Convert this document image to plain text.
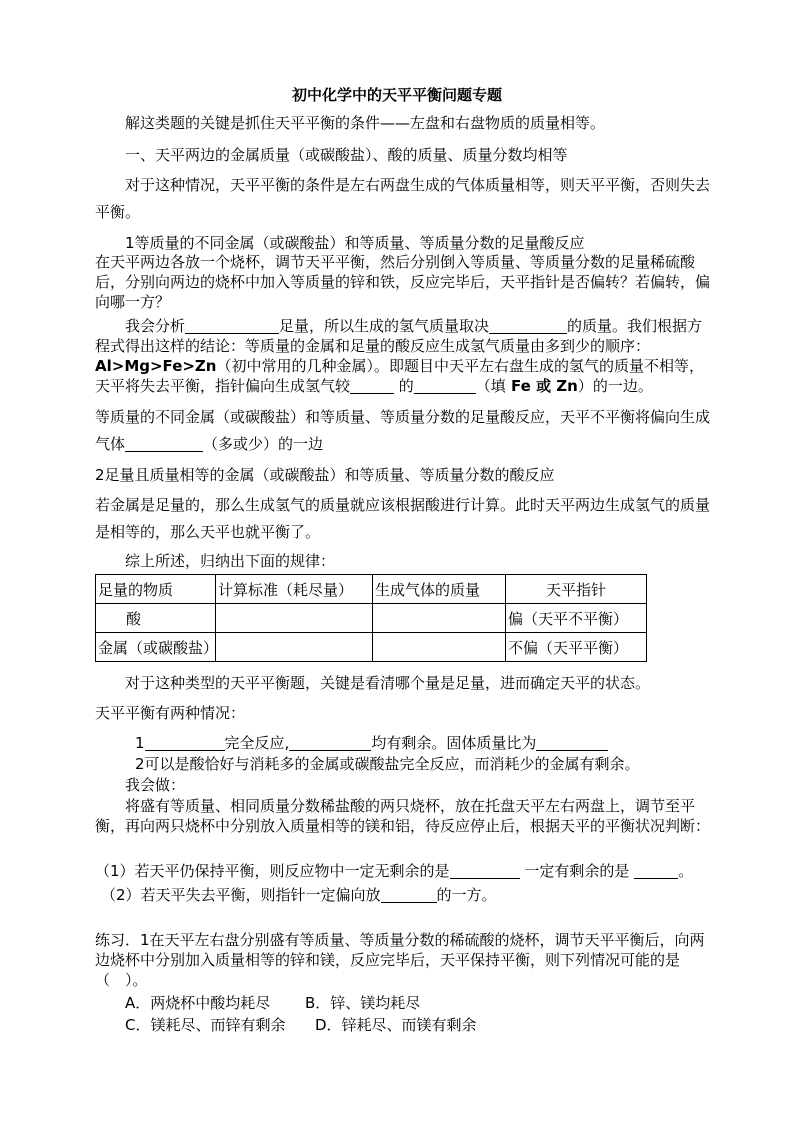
初中化学中的天平平衡问题专题

解这类题的关键是抓住天平平衡的条件——左盘和右盘物质的质量相等。

一、天平两边的金属质量（或碳酸盐）、酸的质量、质量分数均相等

对于这种情况，天平平衡的条件是左右两盘生成的气体质量相等，则天平平衡，否则失去平衡。

1等质量的不同金属（或碳酸盐）和等质量、等质量分数的足量酸反应

在天平两边各放一个烧杯，调节天平平衡，然后分别倒入等质量、等质量分数的足量稀硫酸后，分别向两边的烧杯中加入等质量的锌和铁，反应完毕后，天平指针是否偏转？若偏转，偏向哪一方？

我会分析	足量，所以生成的氢气质量取决	的质量。我们根据方程式得出这样的结论：等质量的金属和足量的酸反应生成氢气质量由多到少的顺序：Al>Mg>Fe>Zn（初中常用的几种金属）。即题目中天平左右盘生成的氢气的质量不相等，天平将失去平衡，指针偏向生成氢气较	的	（填 Fe 或 Zn）的一边。

等质量的不同金属（或碳酸盐）和等质量、等质量分数的足量酸反应，天平不平衡将偏向生成气体	（多或少）的一边

2足量且质量相等的金属（或碳酸盐）和等质量、等质量分数的酸反应

若金属是足量的，那么生成氢气的质量就应该根据酸进行计算。此时天平两边生成氢气的质量是相等的，那么天平也就平衡了。

综上所述，归纳出下面的规律：

足量的物质	计算标准（耗尽量）	生成气体的质量	天平指针
酸			偏（天平不平衡）
金属（或碳酸盐）			不偏（天平平衡）

对于这种类型的天平平衡题，关键是看清哪个量是足量，进而确定天平的状态。

天平平衡有两种情况：

1	完全反应,	均有剩余。固体质量比为

2可以是酸恰好与消耗多的金属或碳酸盐完全反应，而消耗少的金属有剩余。

我会做：

将盛有等质量、相同质量分数稀盐酸的两只烧杯，放在托盘天平左右两盘上，调节至平衡，再向两只烧杯中分别放入质量相等的镁和铝，待反应停止后，根据天平的平衡状况判断：

（1）若天平仍保持平衡，则反应物中一定无剩余的是	一定有剩余的是	。

（2）若天平失去平衡，则指针一定偏向放	的一方。

练习．1在天平左右盘分别盛有等质量、等质量分数的稀硫酸的烧杯，调节天平平衡后，向两边烧杯中分别加入质量相等的锌和镁，反应完毕后，天平保持平衡，则下列情况可能的是（　）。

A．两烧杯中酸均耗尽 B．锌、镁均耗尽

C．镁耗尽、而锌有剩余 D．锌耗尽、而镁有剩余
